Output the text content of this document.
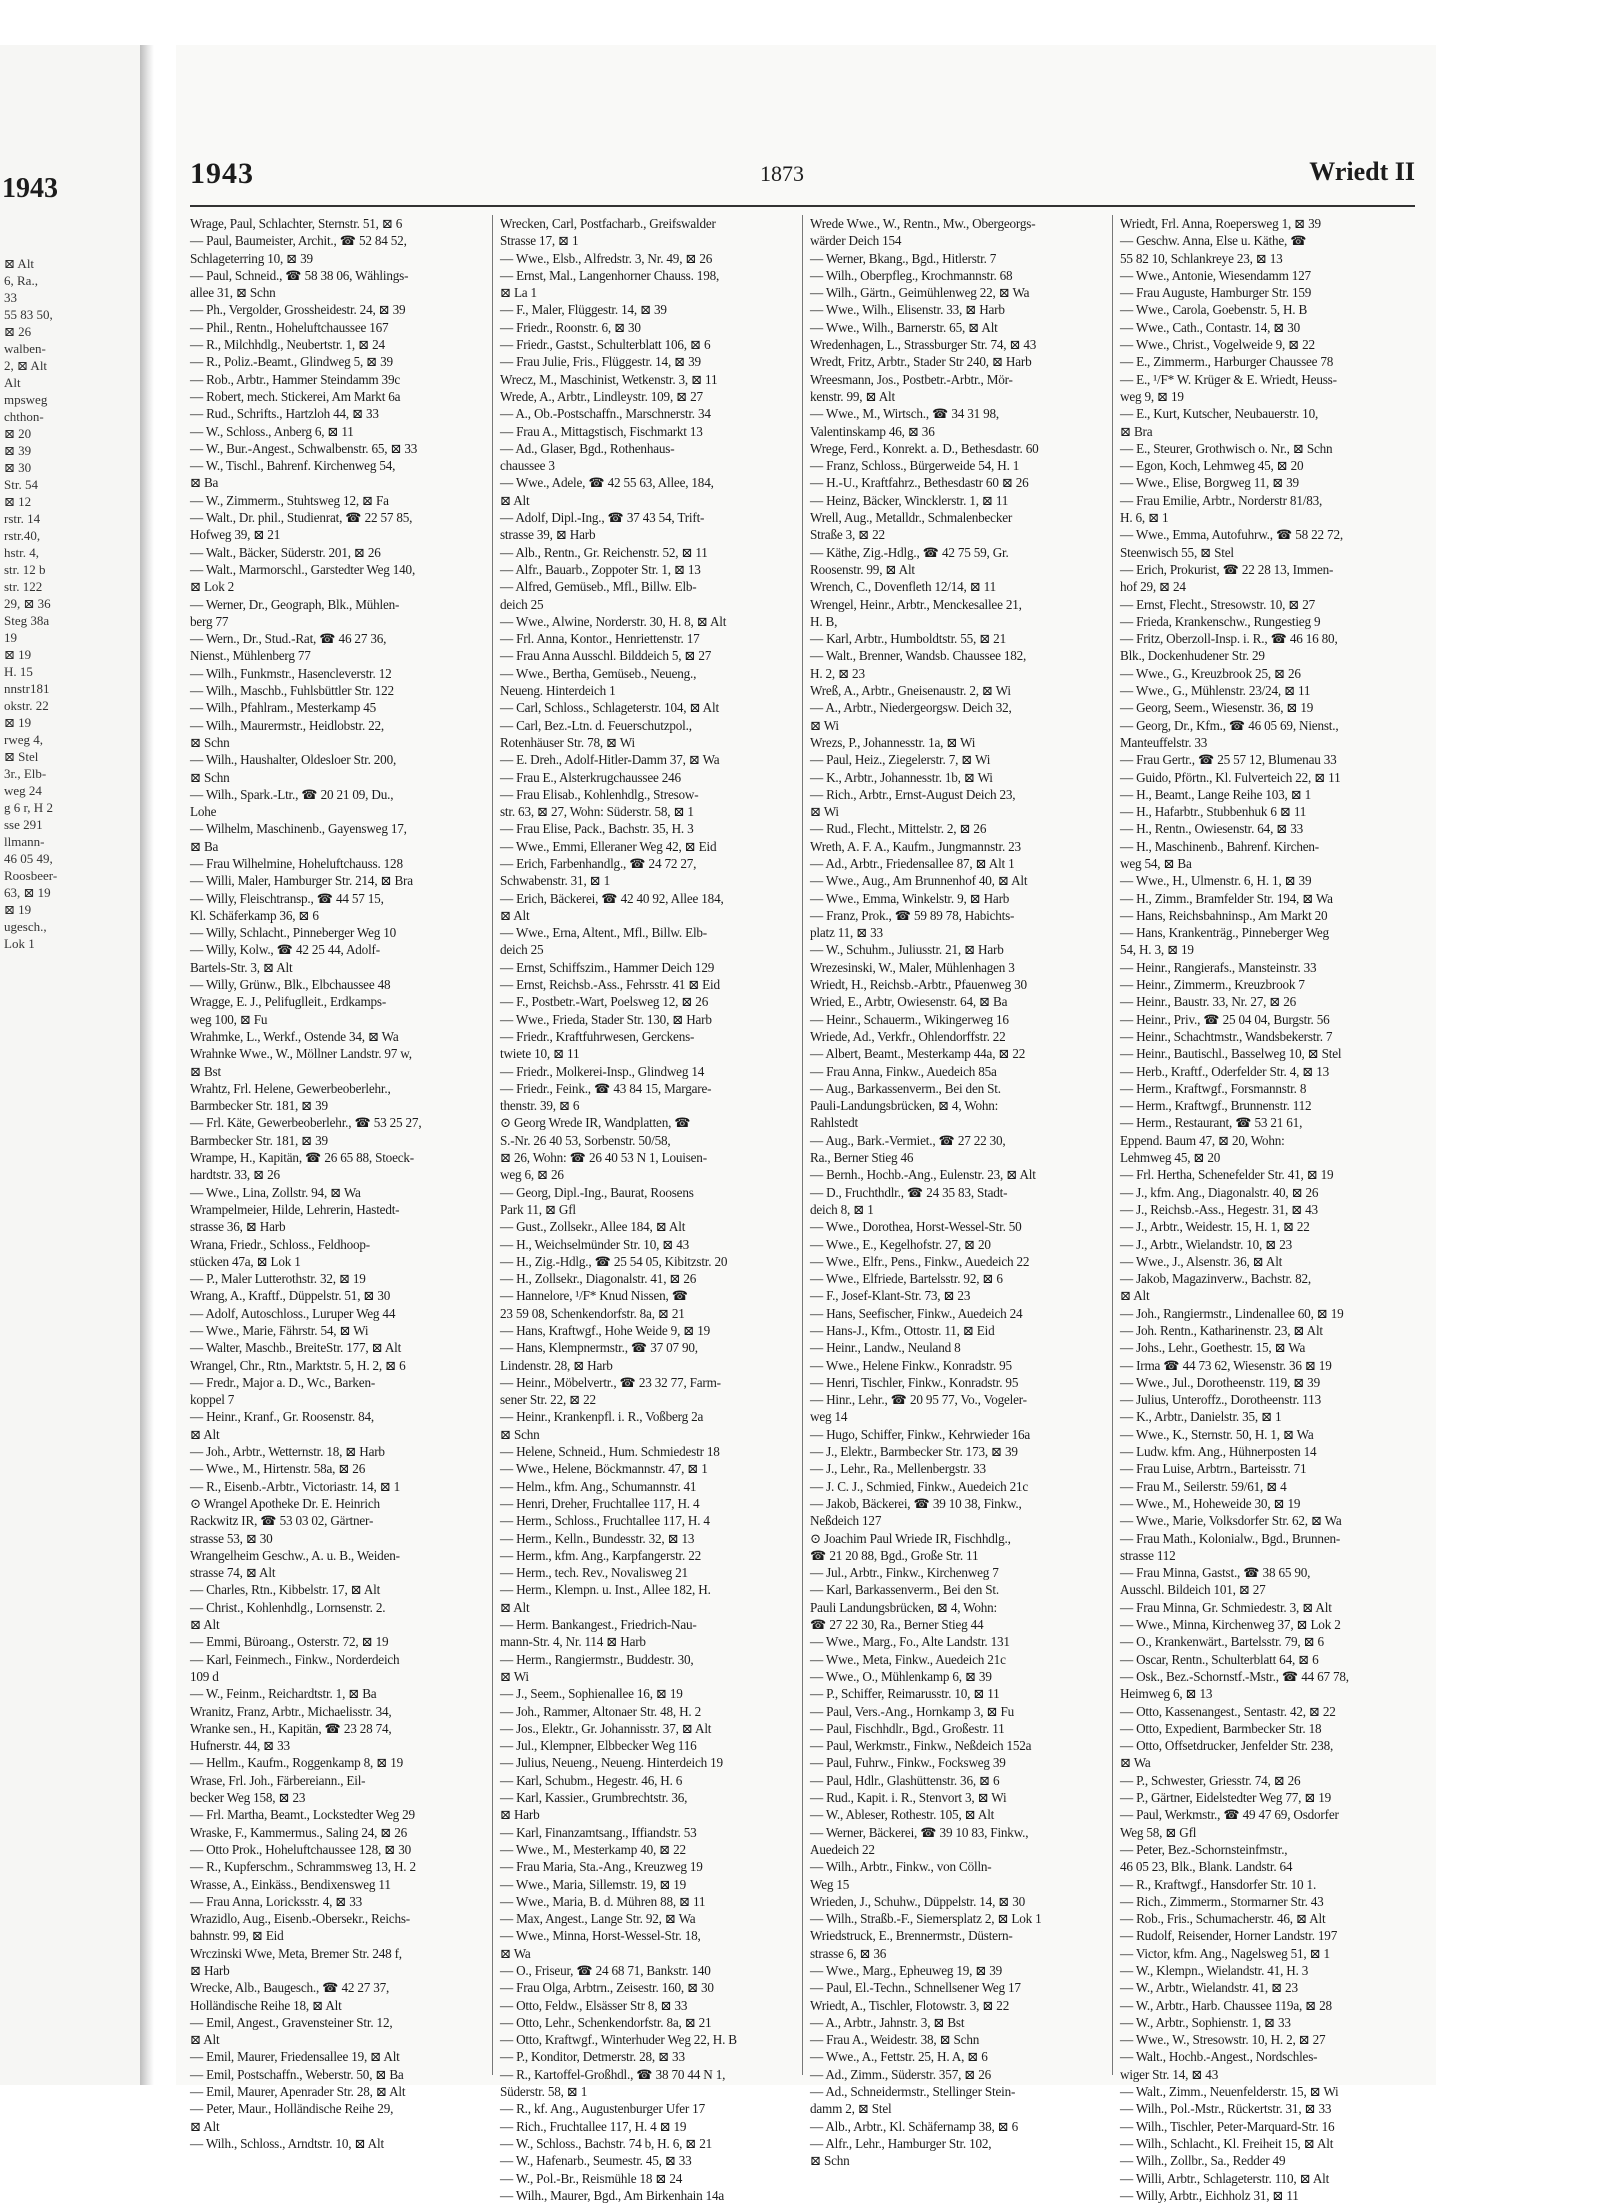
1943
⊠ Alt
6, Ra.,
33
55 83 50,
⊠ 26
walben-
2, ⊠ Alt
Alt
mpsweg
chthon-
⊠ 20
⊠ 39
⊠ 30
Str. 54
⊠ 12
rstr. 14
rstr.40,
hstr. 4,
str. 12 b
str. 122
29, ⊠ 36
Steg 38a
19
⊠ 19
H. 15
nnstr181
okstr. 22
⊠ 19
rweg 4,
⊠ Stel
3r., Elb-
weg 24
g 6 r, H 2
sse 291
llmann-
46 05 49,
Roosbeer-
63, ⊠ 19
⊠ 19
ugesch.,
Lok 1
1943	1873	Wriedt II
Wrage, Paul, Schlachter, Sternstr. 51, ⊠ 6
— Paul, Baumeister, Archit., ☎ 52 84 52,
Schlageterring 10, ⊠ 39
— Paul, Schneid., ☎ 58 38 06, Wählings-
allee 31, ⊠ Schn
— Ph., Vergolder, Grossheidestr. 24, ⊠ 39
— Phil., Rentn., Hoheluftchaussee 167
— R., Milchhdlg., Neubertstr. 1, ⊠ 24
— R., Poliz.-Beamt., Glindweg 5, ⊠ 39
— Rob., Arbtr., Hammer Steindamm 39c
— Robert, mech. Stickerei, Am Markt 6a
— Rud., Schrifts., Hartzloh 44, ⊠ 33
— W., Schloss., Anberg 6, ⊠ 11
— W., Bur.-Angest., Schwalbenstr. 65, ⊠ 33
— W., Tischl., Bahrenf. Kirchenweg 54,
⊠ Ba
— W., Zimmerm., Stuhtsweg 12, ⊠ Fa
— Walt., Dr. phil., Studienrat, ☎ 22 57 85,
Hofweg 39, ⊠ 21
— Walt., Bäcker, Süderstr. 201, ⊠ 26
— Walt., Marmorschl., Garstedter Weg 140,
⊠ Lok 2
— Werner, Dr., Geograph, Blk., Mühlen-
berg 77
— Wern., Dr., Stud.-Rat, ☎ 46 27 36,
Nienst., Mühlenberg 77
— Wilh., Funkmstr., Hasencleverstr. 12
— Wilh., Maschb., Fuhlsbüttler Str. 122
— Wilh., Pfahlram., Mesterkamp 45
— Wilh., Maurermstr., Heidlobstr. 22,
⊠ Schn
— Wilh., Haushalter, Oldesloer Str. 200,
⊠ Schn
— Wilh., Spark.-Ltr., ☎ 20 21 09, Du.,
Lohe
— Wilhelm, Maschinenb., Gayensweg 17,
⊠ Ba
— Frau Wilhelmine, Hoheluftchauss. 128
— Willi, Maler, Hamburger Str. 214, ⊠ Bra
— Willy, Fleischtransp., ☎ 44 57 15,
Kl. Schäferkamp 36, ⊠ 6
— Willy, Schlacht., Pinneberger Weg 10
— Willy, Kolw., ☎ 42 25 44, Adolf-
Bartels-Str. 3, ⊠ Alt
— Willy, Grünw., Blk., Elbchaussee 48
Wragge, E. J., Pelifuglleit., Erdkamps-
weg 100, ⊠ Fu
Wrahmke, L., Werkf., Ostende 34, ⊠ Wa
Wrahnke Wwe., W., Möllner Landstr. 97 w,
⊠ Bst
Wrahtz, Frl. Helene, Gewerbeoberlehr.,
Barmbecker Str. 181, ⊠ 39
— Frl. Käte, Gewerbeoberlehr., ☎ 53 25 27,
Barmbecker Str. 181, ⊠ 39
Wrampe, H., Kapitän, ☎ 26 65 88, Stoeck-
hardtstr. 33, ⊠ 26
— Wwe., Lina, Zollstr. 94, ⊠ Wa
Wrampelmeier, Hilde, Lehrerin, Hastedt-
strasse 36, ⊠ Harb
Wrana, Friedr., Schloss., Feldhoop-
stücken 47a, ⊠ Lok 1
— P., Maler Lutterothstr. 32, ⊠ 19
Wrang, A., Kraftf., Düppelstr. 51, ⊠ 30
— Adolf, Autoschloss., Luruper Weg 44
— Wwe., Marie, Fährstr. 54, ⊠ Wi
— Walter, Maschb., BreiteStr. 177, ⊠ Alt
Wrangel, Chr., Rtn., Marktstr. 5, H. 2, ⊠ 6
— Fredr., Major a. D., Wc., Barken-
koppel 7
— Heinr., Kranf., Gr. Roosenstr. 84,
⊠ Alt
— Joh., Arbtr., Wetternstr. 18, ⊠ Harb
— Wwe., M., Hirtenstr. 58a, ⊠ 26
— R., Eisenb.-Arbtr., Victoriastr. 14, ⊠ 1
⊙ Wrangel Apotheke Dr. E. Heinrich
Rackwitz IR, ☎ 53 03 02, Gärtner-
strasse 53, ⊠ 30
Wrangelheim Geschw., A. u. B., Weiden-
strasse 74, ⊠ Alt
— Charles, Rtn., Kibbelstr. 17, ⊠ Alt
— Christ., Kohlenhdlg., Lornsenstr. 2.
⊠ Alt
— Emmi, Büroang., Osterstr. 72, ⊠ 19
— Karl, Feinmech., Finkw., Norderdeich
109 d
— W., Feinm., Reichardtstr. 1, ⊠ Ba
Wranitz, Franz, Arbtr., Michaelisstr. 34,
Wranke sen., H., Kapitän, ☎ 23 28 74,
Hufnerstr. 44, ⊠ 33
— Hellm., Kaufm., Roggenkamp 8, ⊠ 19
Wrase, Frl. Joh., Färbereiann., Eil-
becker Weg 158, ⊠ 23
— Frl. Martha, Beamt., Lockstedter Weg 29
Wraske, F., Kammermus., Saling 24, ⊠ 26
— Otto Prok., Hoheluftchaussee 128, ⊠ 30
— R., Kupferschm., Schrammsweg 13, H. 2
Wrasse, A., Einkäss., Bendixensweg 11
— Frau Anna, Loricksstr. 4, ⊠ 33
Wrazidlo, Aug., Eisenb.-Obersekr., Reichs-
bahnstr. 99, ⊠ Eid
Wrczinski Wwe, Meta, Bremer Str. 248 f,
⊠ Harb
Wrecke, Alb., Baugesch., ☎ 42 27 37,
Holländische Reihe 18, ⊠ Alt
— Emil, Angest., Gravensteiner Str. 12,
⊠ Alt
— Emil, Maurer, Friedensallee 19, ⊠ Alt
— Emil, Postschaffn., Weberstr. 50, ⊠ Ba
— Emil, Maurer, Apenrader Str. 28, ⊠ Alt
— Peter, Maur., Holländische Reihe 29,
⊠ Alt
— Wilh., Schloss., Arndtstr. 10, ⊠ Alt
Wrecken, Carl, Postfacharb., Greifswalder
Strasse 17, ⊠ 1
— Wwe., Elsb., Alfredstr. 3, Nr. 49, ⊠ 26
— Ernst, Mal., Langenhorner Chauss. 198,
⊠ La 1
— F., Maler, Flüggestr. 14, ⊠ 39
— Friedr., Roonstr. 6, ⊠ 30
— Friedr., Gastst., Schulterblatt 106, ⊠ 6
— Frau Julie, Fris., Flüggestr. 14, ⊠ 39
Wrecz, M., Maschinist, Wetkenstr. 3, ⊠ 11
Wrede, A., Arbtr., Lindleystr. 109, ⊠ 27
— A., Ob.-Postschaffn., Marschnerstr. 34
— Frau A., Mittagstisch, Fischmarkt 13
— Ad., Glaser, Bgd., Rothenhaus-
chaussee 3
— Wwe., Adele, ☎ 42 55 63, Allee, 184,
⊠ Alt
— Adolf, Dipl.-Ing., ☎ 37 43 54, Trift-
strasse 39, ⊠ Harb
— Alb., Rentn., Gr. Reichenstr. 52, ⊠ 11
— Alfr., Bauarb., Zoppoter Str. 1, ⊠ 13
— Alfred, Gemüseb., Mfl., Billw. Elb-
deich 25
— Wwe., Alwine, Norderstr. 30, H. 8, ⊠ Alt
— Frl. Anna, Kontor., Henriettenstr. 17
— Frau Anna Ausschl. Bilddeich 5, ⊠ 27
— Wwe., Bertha, Gemüseb., Neueng.,
Neueng. Hinterdeich 1
— Carl, Schloss., Schlageterstr. 104, ⊠ Alt
— Carl, Bez.-Ltn. d. Feuerschutzpol.,
Rotenhäuser Str. 78, ⊠ Wi
— E. Dreh., Adolf-Hitler-Damm 37, ⊠ Wa
— Frau E., Alsterkrugchaussee 246
— Frau Elisab., Kohlenhdlg., Stresow-
str. 63, ⊠ 27, Wohn: Süderstr. 58, ⊠ 1
— Frau Elise, Pack., Bachstr. 35, H. 3
— Wwe., Emmi, Elleraner Weg 42, ⊠ Eid
— Erich, Farbenhandlg., ☎ 24 72 27,
Schwabenstr. 31, ⊠ 1
— Erich, Bäckerei, ☎ 42 40 92, Allee 184,
⊠ Alt
— Wwe., Erna, Altent., Mfl., Billw. Elb-
deich 25
— Ernst, Schiffszim., Hammer Deich 129
— Ernst, Reichsb.-Ass., Fehrsstr. 41 ⊠ Eid
— F., Postbetr.-Wart, Poelsweg 12, ⊠ 26
— Wwe., Frieda, Stader Str. 130, ⊠ Harb
— Friedr., Kraftfuhrwesen, Gerckens-
twiete 10, ⊠ 11
— Friedr., Molkerei-Insp., Glindweg 14
— Friedr., Feink., ☎ 43 84 15, Margare-
thenstr. 39, ⊠ 6
⊙ Georg Wrede IR, Wandplatten, ☎
S.-Nr. 26 40 53, Sorbenstr. 50/58,
⊠ 26, Wohn: ☎ 26 40 53 N 1, Louisen-
weg 6, ⊠ 26
— Georg, Dipl.-Ing., Baurat, Roosens
Park 11, ⊠ Gfl
— Gust., Zollsekr., Allee 184, ⊠ Alt
— H., Weichselmünder Str. 10, ⊠ 43
— H., Zig.-Hdlg., ☎ 25 54 05, Kibitzstr. 20
— H., Zollsekr., Diagonalstr. 41, ⊠ 26
— Hannelore, ¹/F* Knud Nissen, ☎
23 59 08, Schenkendorfstr. 8a, ⊠ 21
— Hans, Kraftwgf., Hohe Weide 9, ⊠ 19
— Hans, Klempnermstr., ☎ 37 07 90,
Lindenstr. 28, ⊠ Harb
— Heinr., Möbelvertr., ☎ 23 32 77, Farm-
sener Str. 22, ⊠ 22
— Heinr., Krankenpfl. i. R., Voßberg 2a
⊠ Schn
— Helene, Schneid., Hum. Schmiedestr 18
— Wwe., Helene, Böckmannstr. 47, ⊠ 1
— Helm., kfm. Ang., Schumannstr. 41
— Henri, Dreher, Fruchtallee 117, H. 4
— Herm., Schloss., Fruchtallee 117, H. 4
— Herm., Kelln., Bundesstr. 32, ⊠ 13
— Herm., kfm. Ang., Karpfangerstr. 22
— Herm., tech. Rev., Novalisweg 21
— Herm., Klempn. u. Inst., Allee 182, H.
⊠ Alt
— Herm. Bankangest., Friedrich-Nau-
mann-Str. 4, Nr. 114 ⊠ Harb
— Herm., Rangiermstr., Buddestr. 30,
⊠ Wi
— J., Seem., Sophienallee 16, ⊠ 19
— Joh., Rammer, Altonaer Str. 48, H. 2
— Jos., Elektr., Gr. Johannisstr. 37, ⊠ Alt
— Jul., Klempner, Elbbecker Weg 116
— Julius, Neueng., Neueng. Hinterdeich 19
— Karl, Schubm., Hegestr. 46, H. 6
— Karl, Kassier., Grumbrechtstr. 36,
⊠ Harb
— Karl, Finanzamtsang., Iffiandstr. 53
— Wwe., M., Mesterkamp 40, ⊠ 22
— Frau Maria, Sta.-Ang., Kreuzweg 19
— Wwe., Maria, Sillemstr. 19, ⊠ 19
— Wwe., Maria, B. d. Mühren 88, ⊠ 11
— Max, Angest., Lange Str. 92, ⊠ Wa
— Wwe., Minna, Horst-Wessel-Str. 18,
⊠ Wa
— O., Friseur, ☎ 24 68 71, Bankstr. 140
— Frau Olga, Arbtrn., Zeisestr. 160, ⊠ 30
— Otto, Feldw., Elsässer Str 8, ⊠ 33
— Otto, Lehr., Schenkendorfstr. 8a, ⊠ 21
— Otto, Kraftwgf., Winterhuder Weg 22, H. B
— P., Konditor, Detmerstr. 28, ⊠ 33
— R., Kartoffel-Großhdl., ☎ 38 70 44 N 1,
Süderstr. 58, ⊠ 1
— R., kf. Ang., Augustenburger Ufer 17
— Rich., Fruchtallee 117, H. 4 ⊠ 19
— W., Schloss., Bachstr. 74 b, H. 6, ⊠ 21
— W., Hafenarb., Seumestr. 45, ⊠ 33
— W., Pol.-Br., Reismühle 18 ⊠ 24
— Wilh., Maurer, Bgd., Am Birkenhain 14a
Wrede Wwe., W., Rentn., Mw., Obergeorgs-
wärder Deich 154
— Werner, Bkang., Bgd., Hitlerstr. 7
— Wilh., Oberpfleg., Krochmannstr. 68
— Wilh., Gärtn., Geimühlenweg 22, ⊠ Wa
— Wwe., Wilh., Elisenstr. 33, ⊠ Harb
— Wwe., Wilh., Barnerstr. 65, ⊠ Alt
Wredenhagen, L., Strassburger Str. 74, ⊠ 43
Wredt, Fritz, Arbtr., Stader Str 240, ⊠ Harb
Wreesmann, Jos., Postbetr.-Arbtr., Mör-
kenstr. 99, ⊠ Alt
— Wwe., M., Wirtsch., ☎ 34 31 98,
Valentinskamp 46, ⊠ 36
Wrege, Ferd., Konrekt. a. D., Bethesdastr. 60
— Franz, Schloss., Bürgerweide 54, H. 1
— H.-U., Kraftfahrz., Bethesdastr 60 ⊠ 26
— Heinz, Bäcker, Wincklerstr. 1, ⊠ 11
Wrell, Aug., Metalldr., Schmalenbecker
Straße 3, ⊠ 22
— Käthe, Zig.-Hdlg., ☎ 42 75 59, Gr.
Roosenstr. 99, ⊠ Alt
Wrench, C., Dovenfleth 12/14, ⊠ 11
Wrengel, Heinr., Arbtr., Menckesallee 21,
H. B,
— Karl, Arbtr., Humboldtstr. 55, ⊠ 21
— Walt., Brenner, Wandsb. Chaussee 182,
H. 2, ⊠ 23
Wreß, A., Arbtr., Gneisenaustr. 2, ⊠ Wi
— A., Arbtr., Niedergeorgsw. Deich 32,
⊠ Wi
Wrezs, P., Johannesstr. 1a, ⊠ Wi
— Paul, Heiz., Ziegelerstr. 7, ⊠ Wi
— K., Arbtr., Johannesstr. 1b, ⊠ Wi
— Rich., Arbtr., Ernst-August Deich 23,
⊠ Wi
— Rud., Flecht., Mittelstr. 2, ⊠ 26
Wreth, A. F. A., Kaufm., Jungmannstr. 23
— Ad., Arbtr., Friedensallee 87, ⊠ Alt 1
— Wwe., Aug., Am Brunnenhof 40, ⊠ Alt
— Wwe., Emma, Winkelstr. 9, ⊠ Harb
— Franz, Prok., ☎ 59 89 78, Habichts-
platz 11, ⊠ 33
— W., Schuhm., Juliusstr. 21, ⊠ Harb
Wrezesinski, W., Maler, Mühlenhagen 3
Wriedt, H., Reichsb.-Arbtr., Pfauenweg 30
Wried, E., Arbtr, Owiesenstr. 64, ⊠ Ba
— Heinr., Schauerm., Wikingerweg 16
Wriede, Ad., Verkfr., Ohlendorffstr. 22
— Albert, Beamt., Mesterkamp 44a, ⊠ 22
— Frau Anna, Finkw., Auedeich 85a
— Aug., Barkassenverm., Bei den St.
Pauli-Landungsbrücken, ⊠ 4, Wohn:
Rahlstedt
— Aug., Bark.-Vermiet., ☎ 27 22 30,
Ra., Berner Stieg 46
— Bernh., Hochb.-Ang., Eulenstr. 23, ⊠ Alt
— D., Fruchthdlr., ☎ 24 35 83, Stadt-
deich 8, ⊠ 1
— Wwe., Dorothea, Horst-Wessel-Str. 50
— Wwe., E., Kegelhofstr. 27, ⊠ 20
— Wwe., Elfr., Pens., Finkw., Auedeich 22
— Wwe., Elfriede, Bartelsstr. 92, ⊠ 6
— F., Josef-Klant-Str. 73, ⊠ 23
— Hans, Seefischer, Finkw., Auedeich 24
— Hans-J., Kfm., Ottostr. 11, ⊠ Eid
— Heinr., Landw., Neuland 8
— Wwe., Helene Finkw., Konradstr. 95
— Henri, Tischler, Finkw., Konradstr. 95
— Hinr., Lehr., ☎ 20 95 77, Vo., Vogeler-
weg 14
— Hugo, Schiffer, Finkw., Kehrwieder 16a
— J., Elektr., Barmbecker Str. 173, ⊠ 39
— J., Lehr., Ra., Mellenbergstr. 33
— J. C. J., Schmied, Finkw., Auedeich 21c
— Jakob, Bäckerei, ☎ 39 10 38, Finkw.,
Neßdeich 127
⊙ Joachim Paul Wriede IR, Fischhdlg.,
☎ 21 20 88, Bgd., Große Str. 11
— Jul., Arbtr., Finkw., Kirchenweg 7
— Karl, Barkassenverm., Bei den St.
Pauli Landungsbrücken, ⊠ 4, Wohn:
☎ 27 22 30, Ra., Berner Stieg 44
— Wwe., Marg., Fo., Alte Landstr. 131
— Wwe., Meta, Finkw., Auedeich 21c
— Wwe., O., Mühlenkamp 6, ⊠ 39
— P., Schiffer, Reimarusstr. 10, ⊠ 11
— Paul, Vers.-Ang., Hornkamp 3, ⊠ Fu
— Paul, Fischhdlr., Bgd., Großestr. 11
— Paul, Werkmstr., Finkw., Neßdeich 152a
— Paul, Fuhrw., Finkw., Focksweg 39
— Paul, Hdlr., Glashüttenstr. 36, ⊠ 6
— Rud., Kapit. i. R., Stenvort 3, ⊠ Wi
— W., Ableser, Rothestr. 105, ⊠ Alt
— Werner, Bäckerei, ☎ 39 10 83, Finkw.,
Auedeich 22
— Wilh., Arbtr., Finkw., von Cölln-
Weg 15
Wrieden, J., Schuhw., Düppelstr. 14, ⊠ 30
— Wilh., Straßb.-F., Siemersplatz 2, ⊠ Lok 1
Wriedstruck, E., Brennermstr., Düstern-
strasse 6, ⊠ 36
— Wwe., Marg., Epheuweg 19, ⊠ 39
— Paul, El.-Techn., Schnellsener Weg 17
Wriedt, A., Tischler, Flotowstr. 3, ⊠ 22
— A., Arbtr., Jahnstr. 3, ⊠ Bst
— Frau A., Weidestr. 38, ⊠ Schn
— Wwe., A., Fettstr. 25, H. A, ⊠ 6
— Ad., Zimm., Süderstr. 357, ⊠ 26
— Ad., Schneidermstr., Stellinger Stein-
damm 2, ⊠ Stel
— Alb., Arbtr., Kl. Schäfernamp 38, ⊠ 6
— Alfr., Lehr., Hamburger Str. 102,
⊠ Schn
Wriedt, Frl. Anna, Roepersweg 1, ⊠ 39
— Geschw. Anna, Else u. Käthe, ☎
55 82 10, Schlankreye 23, ⊠ 13
— Wwe., Antonie, Wiesendamm 127
— Frau Auguste, Hamburger Str. 159
— Wwe., Carola, Goebenstr. 5, H. B
— Wwe., Cath., Contastr. 14, ⊠ 30
— Wwe., Christ., Vogelweide 9, ⊠ 22
— E., Zimmerm., Harburger Chaussee 78
— E., ¹/F* W. Krüger & E. Wriedt, Heuss-
weg 9, ⊠ 19
— E., Kurt, Kutscher, Neubauerstr. 10,
⊠ Bra
— E., Steurer, Grothwisch o. Nr., ⊠ Schn
— Egon, Koch, Lehmweg 45, ⊠ 20
— Wwe., Elise, Borgweg 11, ⊠ 39
— Frau Emilie, Arbtr., Norderstr 81/83,
H. 6, ⊠ 1
— Wwe., Emma, Autofuhrw., ☎ 58 22 72,
Steenwisch 55, ⊠ Stel
— Erich, Prokurist, ☎ 22 28 13, Immen-
hof 29, ⊠ 24
— Ernst, Flecht., Stresowstr. 10, ⊠ 27
— Frieda, Krankenschw., Rungestieg 9
— Fritz, Oberzoll-Insp. i. R., ☎ 46 16 80,
Blk., Dockenhudener Str. 29
— Wwe., G., Kreuzbrook 25, ⊠ 26
— Wwe., G., Mühlenstr. 23/24, ⊠ 11
— Georg, Seem., Wiesenstr. 36, ⊠ 19
— Georg, Dr., Kfm., ☎ 46 05 69, Nienst.,
Manteuffelstr. 33
— Frau Gertr., ☎ 25 57 12, Blumenau 33
— Guido, Pförtn., Kl. Fulverteich 22, ⊠ 11
— H., Beamt., Lange Reihe 103, ⊠ 1
— H., Hafarbtr., Stubbenhuk 6 ⊠ 11
— H., Rentn., Owiesenstr. 64, ⊠ 33
— H., Maschinenb., Bahrenf. Kirchen-
weg 54, ⊠ Ba
— Wwe., H., Ulmenstr. 6, H. 1, ⊠ 39
— H., Zimm., Bramfelder Str. 194, ⊠ Wa
— Hans, Reichsbahninsp., Am Markt 20
— Hans, Krankenträg., Pinneberger Weg
54, H. 3, ⊠ 19
— Heinr., Rangierafs., Mansteinstr. 33
— Heinr., Zimmerm., Kreuzbrook 7
— Heinr., Baustr. 33, Nr. 27, ⊠ 26
— Heinr., Priv., ☎ 25 04 04, Burgstr. 56
— Heinr., Schachtmstr., Wandsbekerstr. 7
— Heinr., Bautischl., Basselweg 10, ⊠ Stel
— Herb., Kraftf., Oderfelder Str. 4, ⊠ 13
— Herm., Kraftwgf., Forsmannstr. 8
— Herm., Kraftwgf., Brunnenstr. 112
— Herm., Restaurant, ☎ 53 21 61,
Eppend. Baum 47, ⊠ 20, Wohn:
Lehmweg 45, ⊠ 20
— Frl. Hertha, Schenefelder Str. 41, ⊠ 19
— J., kfm. Ang., Diagonalstr. 40, ⊠ 26
— J., Reichsb.-Ass., Hegestr. 31, ⊠ 43
— J., Arbtr., Weidestr. 15, H. 1, ⊠ 22
— J., Arbtr., Wielandstr. 10, ⊠ 23
— Wwe., J., Alsenstr. 36, ⊠ Alt
— Jakob, Magazinverw., Bachstr. 82,
⊠ Alt
— Joh., Rangiermstr., Lindenallee 60, ⊠ 19
— Joh. Rentn., Katharinenstr. 23, ⊠ Alt
— Johs., Lehr., Goethestr. 15, ⊠ Wa
— Irma ☎ 44 73 62, Wiesenstr. 36 ⊠ 19
— Wwe., Jul., Dorotheenstr. 119, ⊠ 39
— Julius, Unteroffz., Dorotheenstr. 113
— K., Arbtr., Danielstr. 35, ⊠ 1
— Wwe., K., Sternstr. 50, H. 1, ⊠ Wa
— Ludw. kfm. Ang., Hühnerposten 14
— Frau Luise, Arbtrn., Barteisstr. 71
— Frau M., Seilerstr. 59/61, ⊠ 4
— Wwe., M., Hoheweide 30, ⊠ 19
— Wwe., Marie, Volksdorfer Str. 62, ⊠ Wa
— Frau Math., Kolonialw., Bgd., Brunnen-
strasse 112
— Frau Minna, Gastst., ☎ 38 65 90,
Ausschl. Bildeich 101, ⊠ 27
— Frau Minna, Gr. Schmiedestr. 3, ⊠ Alt
— Wwe., Minna, Kirchenweg 37, ⊠ Lok 2
— O., Krankenwärt., Bartelsstr. 79, ⊠ 6
— Oscar, Rentn., Schulterblatt 64, ⊠ 6
— Osk., Bez.-Schornstf.-Mstr., ☎ 44 67 78,
Heimweg 6, ⊠ 13
— Otto, Kassenangest., Sentastr. 42, ⊠ 22
— Otto, Expedient, Barmbecker Str. 18
— Otto, Offsetdrucker, Jenfelder Str. 238,
⊠ Wa
— P., Schwester, Griesstr. 74, ⊠ 26
— P., Gärtner, Eidelstedter Weg 77, ⊠ 19
— Paul, Werkmstr., ☎ 49 47 69, Osdorfer
Weg 58, ⊠ Gfl
— Peter, Bez.-Schornsteinfmstr.,
46 05 23, Blk., Blank. Landstr. 64
— R., Kraftwgf., Hansdorfer Str. 10 1.
— Rich., Zimmerm., Stormarner Str. 43
— Rob., Fris., Schumacherstr. 46, ⊠ Alt
— Rudolf, Reisender, Horner Landstr. 197
— Victor, kfm. Ang., Nagelsweg 51, ⊠ 1
— W., Klempn., Wielandstr. 41, H. 3
— W., Arbtr., Wielandstr. 41, ⊠ 23
— W., Arbtr., Harb. Chaussee 119a, ⊠ 28
— W., Arbtr., Sophienstr. 1, ⊠ 33
— Wwe., W., Stresowstr. 10, H. 2, ⊠ 27
— Walt., Hochb.-Angest., Nordschles-
wiger Str. 14, ⊠ 43
— Walt., Zimm., Neuenfelderstr. 15, ⊠ Wi
— Wilh., Pol.-Mstr., Rückertstr. 31, ⊠ 33
— Wilh., Tischler, Peter-Marquard-Str. 16
— Wilh., Schlacht., Kl. Freiheit 15, ⊠ Alt
— Wilh., Zollbr., Sa., Redder 49
— Willi, Arbtr., Schlageterstr. 110, ⊠ Alt
— Willy, Arbtr., Eichholz 31, ⊠ 11
